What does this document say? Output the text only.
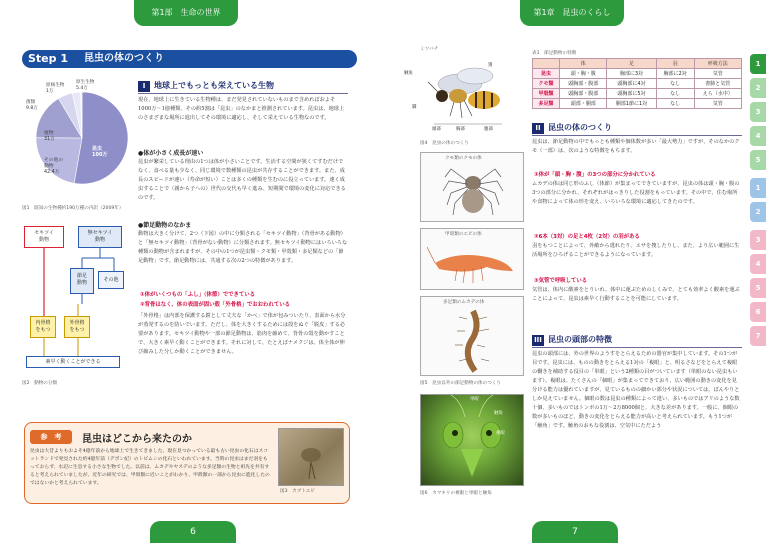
第1部　生命の世界
Step 1 昆虫の体のつくり
原核生物
1万
原生生物
5.4万
菌類
9.8万
植物
31万
その他の
動物
42.4万
昆虫
100万
図1　既知の生物種約190万種の内訳（2009年）
セキツイ
動物
無セキツイ
動物
節足
動物	その他
内骨格
をもつ
外骨格
をもつ
素早く動くことができる
図2　動物の分類
I 地球上でもっとも栄えている生物
現在、地球上に生きている生物種は、まだ発見されていないものまで含めればおよそ1000万～1億種類、その約5割は「昆虫」のなかまと推測されています。昆虫は、地球上のさまざまな場所に進出してその環境に適応し、そして栄えている生物なのです。
●体が小さく成長が速い
昆虫が繁栄している理由の1つは体が小さいことです。生活する空間が狭くてすむだけでなく、食べる量も少なく、同じ環境で数種類の昆虫が共存することができます。また、成長のスピードが速い（寿命が短い）ことは多くの種類を生むのに役立っています。速く成虫することで（親から子への）世代の交代も早く進み、短期間で環境の変化に対応できるのです。
●節足動物のなかま
動物は大きく分けて、2つ（下図）の中に分類される「セキツイ動物」（背骨がある動物）と「無セキツイ動物」（背骨がない動物）に分類されます。無セキツイ動物にはいろいろな種類の動物が含まれますが、その中の1つが昆虫類・クモ類・甲殻類・多足類などの「節足動物」です。節足動物には、共通する次の2つの特徴があります。
①体がいくつもの「ふし」（体節）でできている
②背骨はなく、体の表面が固い殻「外骨格」でおおわれている
「外骨格」は内部を保護する鎧として丈夫な「かべ」で体が包みついたり、表面から水分が蒸発するのを防いでいます。ただし、体を大きくするためには殻をぬぐ「脱皮」する必要があります。セキツイ動物や一部の節足動物は、筋肉を縮めて、背骨の殻を動かすことで、大きく素早く動くことができます。それに対して、たとえばナメクジは、体全体が伸び縮みした分しか動くことができません。
参　考	昆虫はどこから来たのか
昆虫は大昔よりもおよそ4億年前から地球上で生きてきました。現在見つかっている最も古い昆虫の化石はスコットランドで発見された約4億年前（デボン紀）のトビムシの化石といわれています。当時の昆虫はまだ羽をもっておらず、水辺に生息する小さな生物でした。以前は、ムカデやヤスデのような多足類の生物と祖先を共有すると考えられていましたが、近年の研究では、甲殻類に近いことがわかり、甲殻類の一部から昆虫に進化したのではないかと考えられています。
図3　カブトエビ
6
第1章　昆虫のくらし
ミツバチ
触角
頭部	胸部	腹部
脚
翅
図4　昆虫の体のつくり
クモ類のクモの体
甲殻類のエビの体
多足類のムカデの体
図5　昆虫以外の節足動物の体のつくり
単眼
触角
複眼
図6　カマキリの複眼と単眼と触角
表1　節足動物の特徴
	体	足	羽	呼吸方法
昆虫	頭・胸・腹	胸部に3対	胸部に2対	気管
クモ類	頭胸部・腹部	頭胸部に4対	なし	書肺と気管
甲殻類	頭胸部・腹部	頭胸部に5対	なし	えら（水中）
多足類	頭部・胴部	胴部1節に1対	なし	気管
II 昆虫の体のつくり
昆虫は、節足動物の中でもっとも種類や個体数が多い「最大勢力」ですが、そのなかのクモ（一部）は、次のような特徴をもちます。
①体が「頭・胸・腹」の3つの部分に分かれている
ムカデの体は同じ形のふし（体節）が集まってできていますが、昆虫の体は頭・胸・腹の3つの部分に分かれ、それぞれがはっきりした役割をもっています。その中で、住む場所や食物によって体の形を変え、いろいろな環境に適応してきたのです。
②6本（3対）の足と4枚（2対）の羽がある
羽をもつことによって、外敵から逃れたり、エサを捜したりし、また、より広い範囲に生活場所をひろげることができるようになっています。
③気管で呼吸している
気管は、体内に酸素をとりいれ、体中に運ぶためのしくみで、とても効率よく酸素を運ぶことによって、昆虫は素早く行動することを可能にしています。
III 昆虫の頭部の特徴
昆虫の頭部には、外の世界のようすをとらえるための器官が集中しています。その1つが目です。昆虫には、ものの動きをとらえる1対の「複眼」と、明るさなどをとらえて複眼の働きを補助する役目の「単眼」という2種類の目がついています（単眼のない昆虫もいます）。複眼は、たくさんの「個眼」が集まってできており、広い範囲の動きの変化を見分ける能力は優れていますが、見ているものの細かい部分や状況については、ぼんやりとしか見えていません。個眼の数は昆虫の種類によって違い、多いものではアリのような数十個、多いものではトンボの1万～2万8000個と、大きな差があります。一般に、個眼の数が多いものほど、動きの変化をとらえる能力が高いと考えられています。もう1つが「触角」です。触角のおもな役割は、空気中にただよう
7
1
2
3
4
5
1
2
3
4
5
6
7
